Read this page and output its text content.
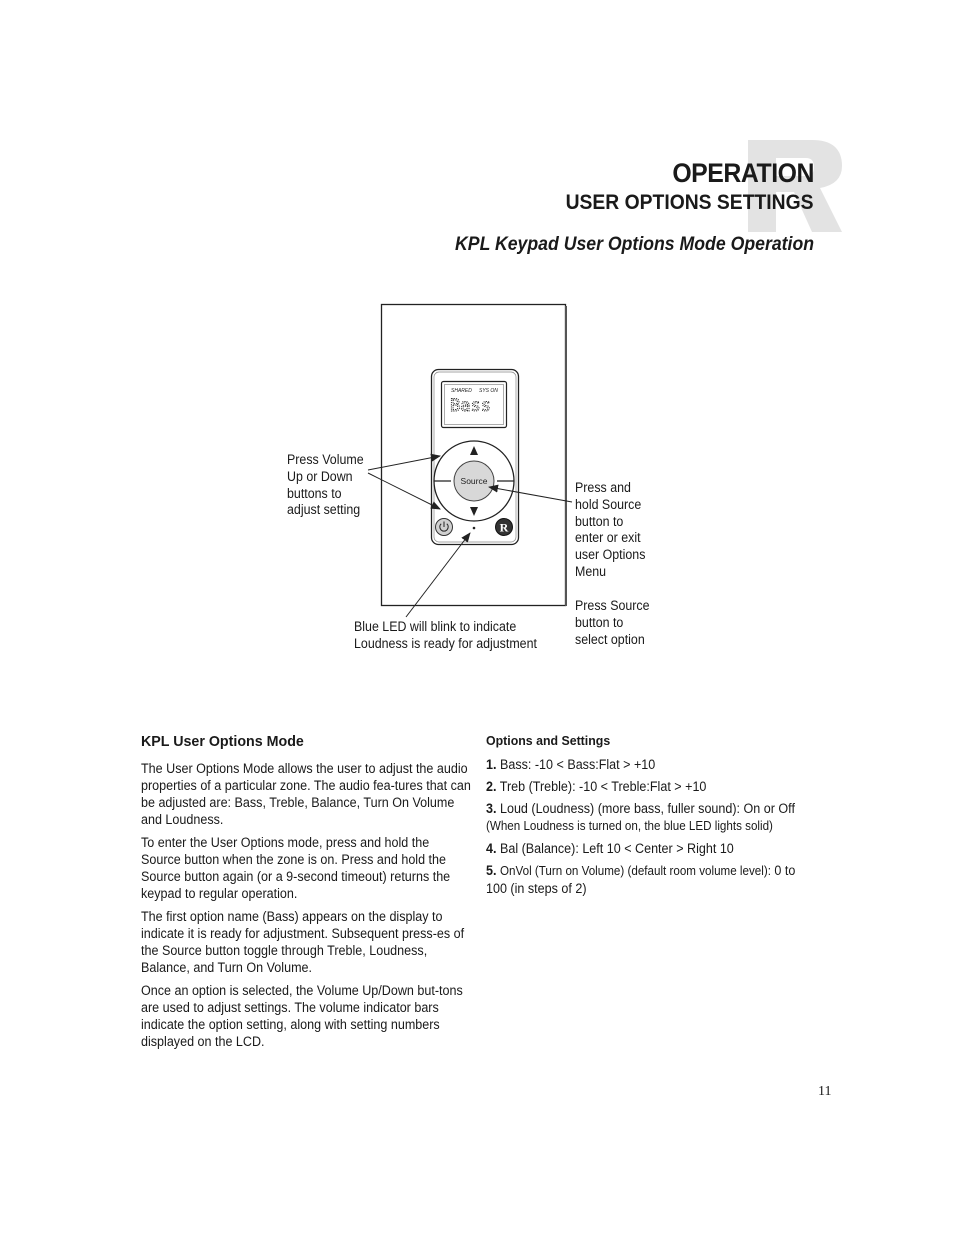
OPERATION
USER OPTIONS SETTINGS
KPL Keypad User Options Mode Operation
SHARED SYS ON
Bass
Source
R
Press Volume
Up or Down
buttons to
adjust setting
Press and
hold Source
button to
enter or exit
user Options
Menu
Press Source
button to
select option
Blue LED will blink to indicate
Loudness is ready for adjustment
KPL User Options Mode

The User Options Mode allows the user to adjust the audio properties of a particular zone. The audio fea-tures that can be adjusted are: Bass, Treble, Balance, Turn On Volume and Loudness.

To enter the User Options mode, press and hold the Source button when the zone is on. Press and hold the Source button again (or a 9-second timeout) returns the keypad to regular operation.

The first option name (Bass) appears on the display to indicate it is ready for adjustment. Subsequent press-es of the Source button toggle through Treble, Loudness, Balance, and Turn On Volume.

Once an option is selected, the Volume Up/Down but-tons are used to adjust settings. The volume indicator bars indicate the option setting, along with setting numbers displayed on the LCD.

Options and Settings

1. Bass: -10 < Bass:Flat > +10

2. Treb (Treble): -10 < Treble:Flat > +10

3. Loud (Loudness) (more bass, fuller sound): On or Off (When Loudness is turned on, the blue LED lights solid)

4. Bal (Balance): Left 10 < Center > Right 10

5. OnVol (Turn on Volume) (default room volume level): 0 to 100 (in steps of 2)

11
